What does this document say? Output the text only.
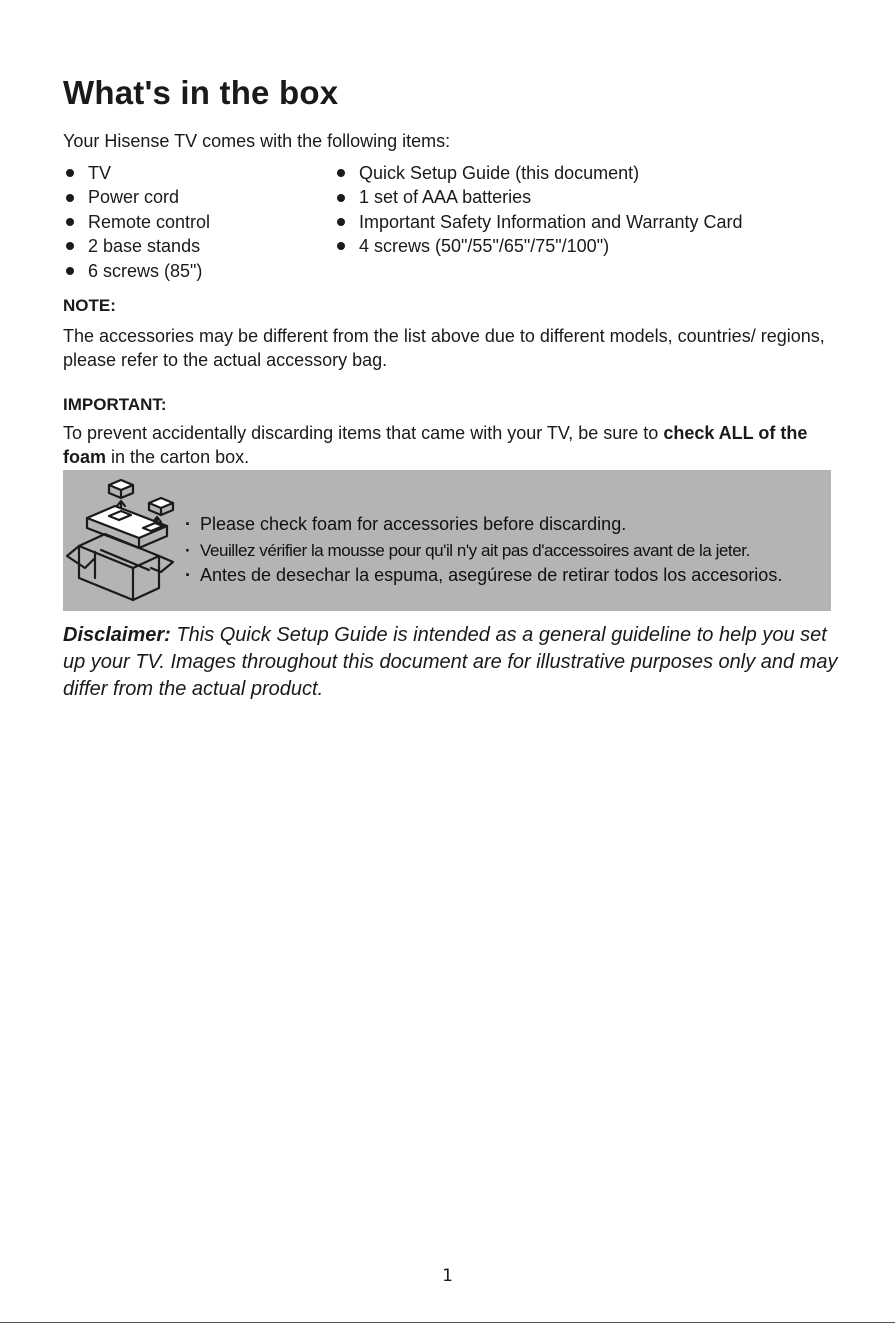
What's in the box
Your Hisense TV comes with the following items:
TV
Power cord
Remote control
2 base stands
6 screws (85")
Quick Setup Guide (this document)
1 set of AAA batteries
Important Safety Information and Warranty Card
4 screws (50"/55"/65"/75"/100")
NOTE:
The accessories may be different from the list above due to different models, countries/ regions, please refer to the actual accessory bag.
IMPORTANT:
To prevent accidentally discarding items that came with your TV, be sure to check ALL of the foam in the carton box.
· Please check foam for accessories before discarding.
· Veuillez vérifier la mousse pour qu'il n'y ait pas d'accessoires avant de la jeter.
· Antes de desechar la espuma, asegúrese de retirar todos los accesorios.
Disclaimer: This Quick Setup Guide is intended as a general guideline to help you set up your TV. Images throughout this document are for illustrative purposes only and may differ from the actual product.
1
